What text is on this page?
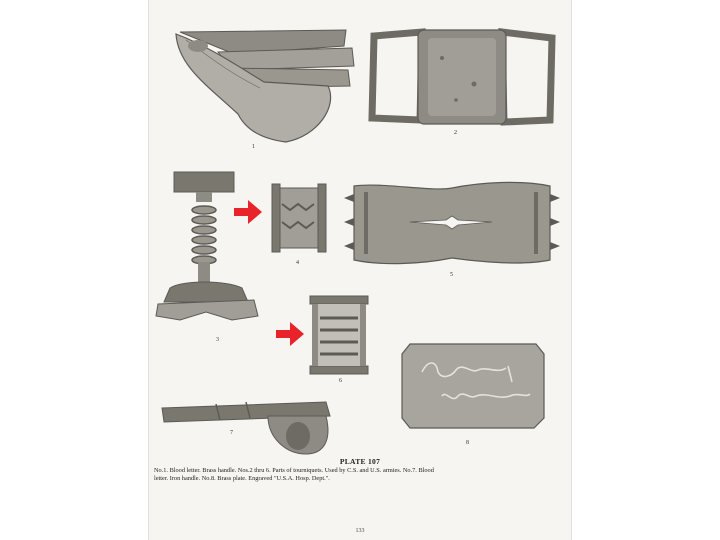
1
2
3
4
5
6
7
8
PLATE 107
No.1. Blood letter. Brass handle. Nos.2 thru 6. Parts of tourniquets. Used by C.S. and U.S. armies. No.7. Blood
letter. Iron handle. No.8. Brass plate. Engraved "U.S.A. Hosp. Dept.".
133
